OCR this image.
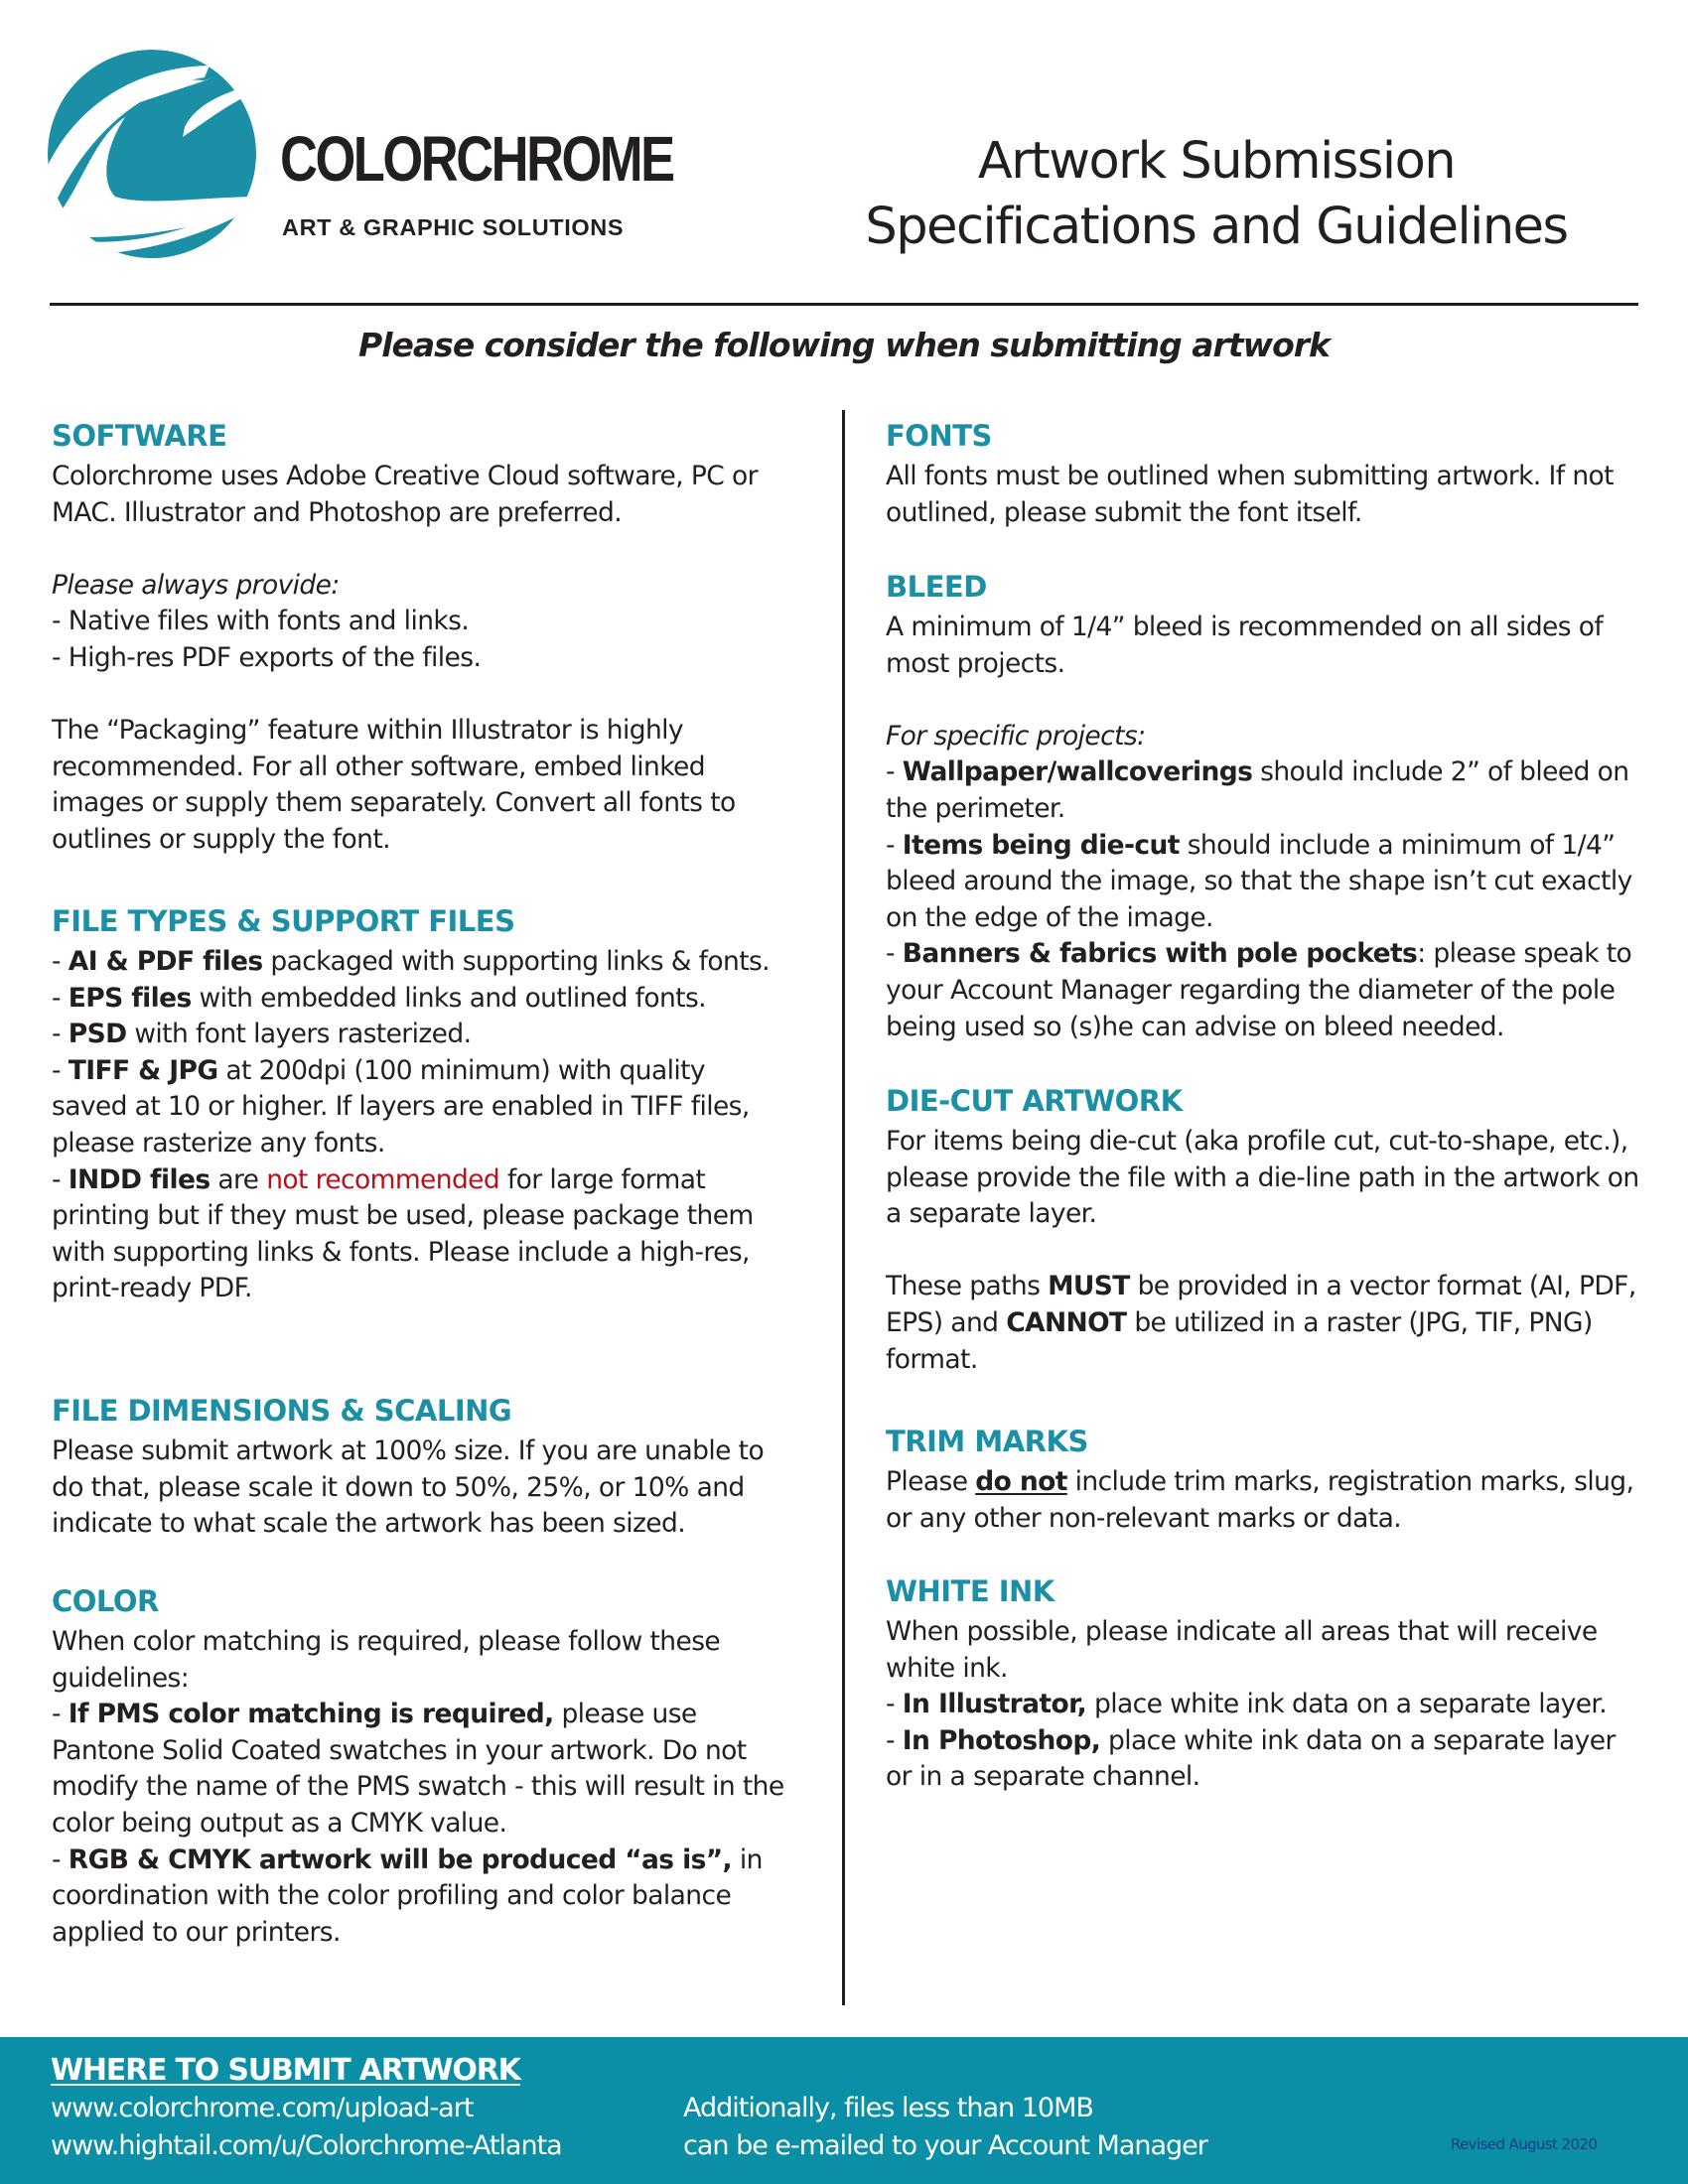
COLORCHROME
ART & GRAPHIC SOLUTIONS
Artwork Submission
Specifications and Guidelines
Please consider the following when submitting artwork
SOFTWARE

Colorchrome uses Adobe Creative Cloud software, PC or MAC. Illustrator and Photoshop are preferred.

Please always provide:

- Native files with fonts and links.

- High-res PDF exports of the files.

The “Packaging” feature within Illustrator is highly recommended. For all other software, embed linked images or supply them separately. Convert all fonts to outlines or supply the font.

FILE TYPES & SUPPORT FILES

- AI & PDF files packaged with supporting links & fonts.

- EPS files with embedded links and outlined fonts.

- PSD with font layers rasterized.

- TIFF & JPG at 200dpi (100 minimum) with quality saved at 10 or higher. If layers are enabled in TIFF files, please rasterize any fonts.

- INDD files are not recommended for large format printing but if they must be used, please package them with supporting links & fonts. Please include a high-res, print-ready PDF.

FILE DIMENSIONS & SCALING

Please submit artwork at 100% size. If you are unable to do that, please scale it down to 50%, 25%, or 10% and indicate to what scale the artwork has been sized.

COLOR

When color matching is required, please follow these guidelines:

- If PMS color matching is required, please use Pantone Solid Coated swatches in your artwork. Do not modify the name of the PMS swatch - this will result in the color being output as a CMYK value.

- RGB & CMYK artwork will be produced “as is”, in coordination with the color profiling and color balance applied to our printers.

FONTS

All fonts must be outlined when submitting artwork. If not outlined, please submit the font itself.

BLEED

A minimum of 1/4” bleed is recommended on all sides of most projects.

For specific projects:

- Wallpaper/wallcoverings should include 2” of bleed on the perimeter.

- Items being die-cut should include a minimum of 1/4” bleed around the image, so that the shape isn’t cut exactly on the edge of the image.

- Banners & fabrics with pole pockets: please speak to your Account Manager regarding the diameter of the pole being used so (s)he can advise on bleed needed.

DIE-CUT ARTWORK

For items being die-cut (aka profile cut, cut-to-shape, etc.), please provide the file with a die-line path in the artwork on a separate layer.

These paths MUST be provided in a vector format (AI, PDF, EPS) and CANNOT be utilized in a raster (JPG, TIF, PNG) format.

TRIM MARKS

Please do not include trim marks, registration marks, slug, or any other non-relevant marks or data.

WHITE INK

When possible, please indicate all areas that will receive white ink.

- In Illustrator, place white ink data on a separate layer.

- In Photoshop, place white ink data on a separate layer or in a separate channel.

WHERE TO SUBMIT ARTWORK
www.colorchrome.com/upload-art
www.hightail.com/u/Colorchrome-Atlanta
Additionally, files less than 10MB
can be e-mailed to your Account Manager	Revised August 2020
